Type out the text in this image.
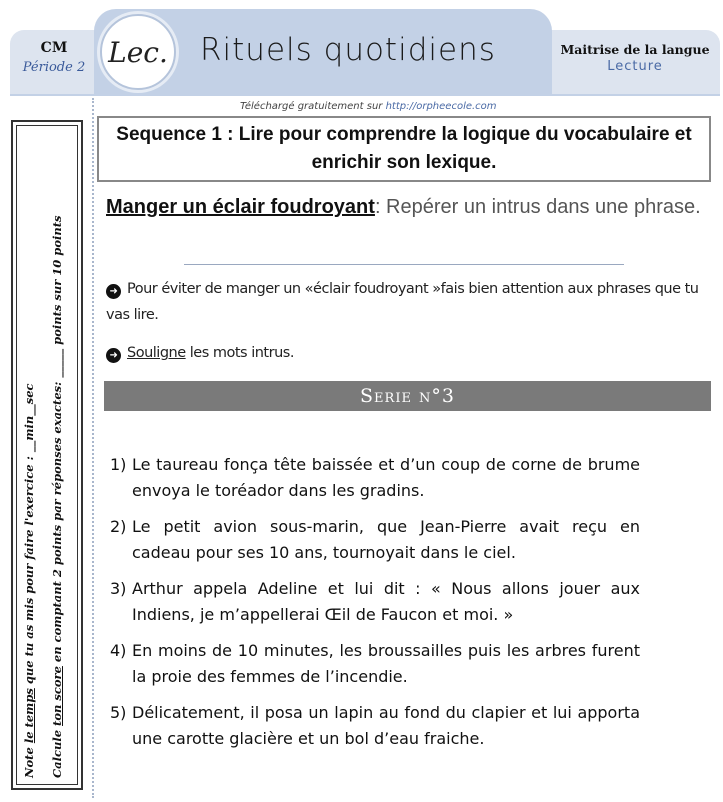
Lec. Rituels quotidiens
CM
Période 2
Maitrise de la langue
Lecture
Téléchargé gratuitement sur http://orpheecole.com
Note le temps que tu as mis pour faire l'exercice : __min__sec
Calcule ton score en comptant 2 points par réponses exactes: _____ points sur 10 points
Sequence 1 : Lire pour comprendre la logique du vocabulaire et enrichir son lexique.
Manger un éclair foudroyant: Repérer un intrus dans une phrase.
➜ Pour éviter de manger un «éclair foudroyant »fais bien attention aux phrases que tu vas lire.
➜ Souligne les mots intrus.
Serie n°3
1) Le taureau fonça tête baissée et d’un coup de corne de brume envoya le toréador dans les gradins.
2) Le petit avion sous-marin, que Jean-Pierre avait reçu en cadeau pour ses 10 ans, tournoyait dans le ciel.
3) Arthur appela Adeline et lui dit : « Nous allons jouer aux Indiens, je m’appellerai Œil de Faucon et moi. »
4) En moins de 10 minutes, les broussailles puis les arbres furent la proie des femmes de l’incendie.
5) Délicatement, il posa un lapin au fond du clapier et lui apporta une carotte glacière et un bol d’eau fraiche.
